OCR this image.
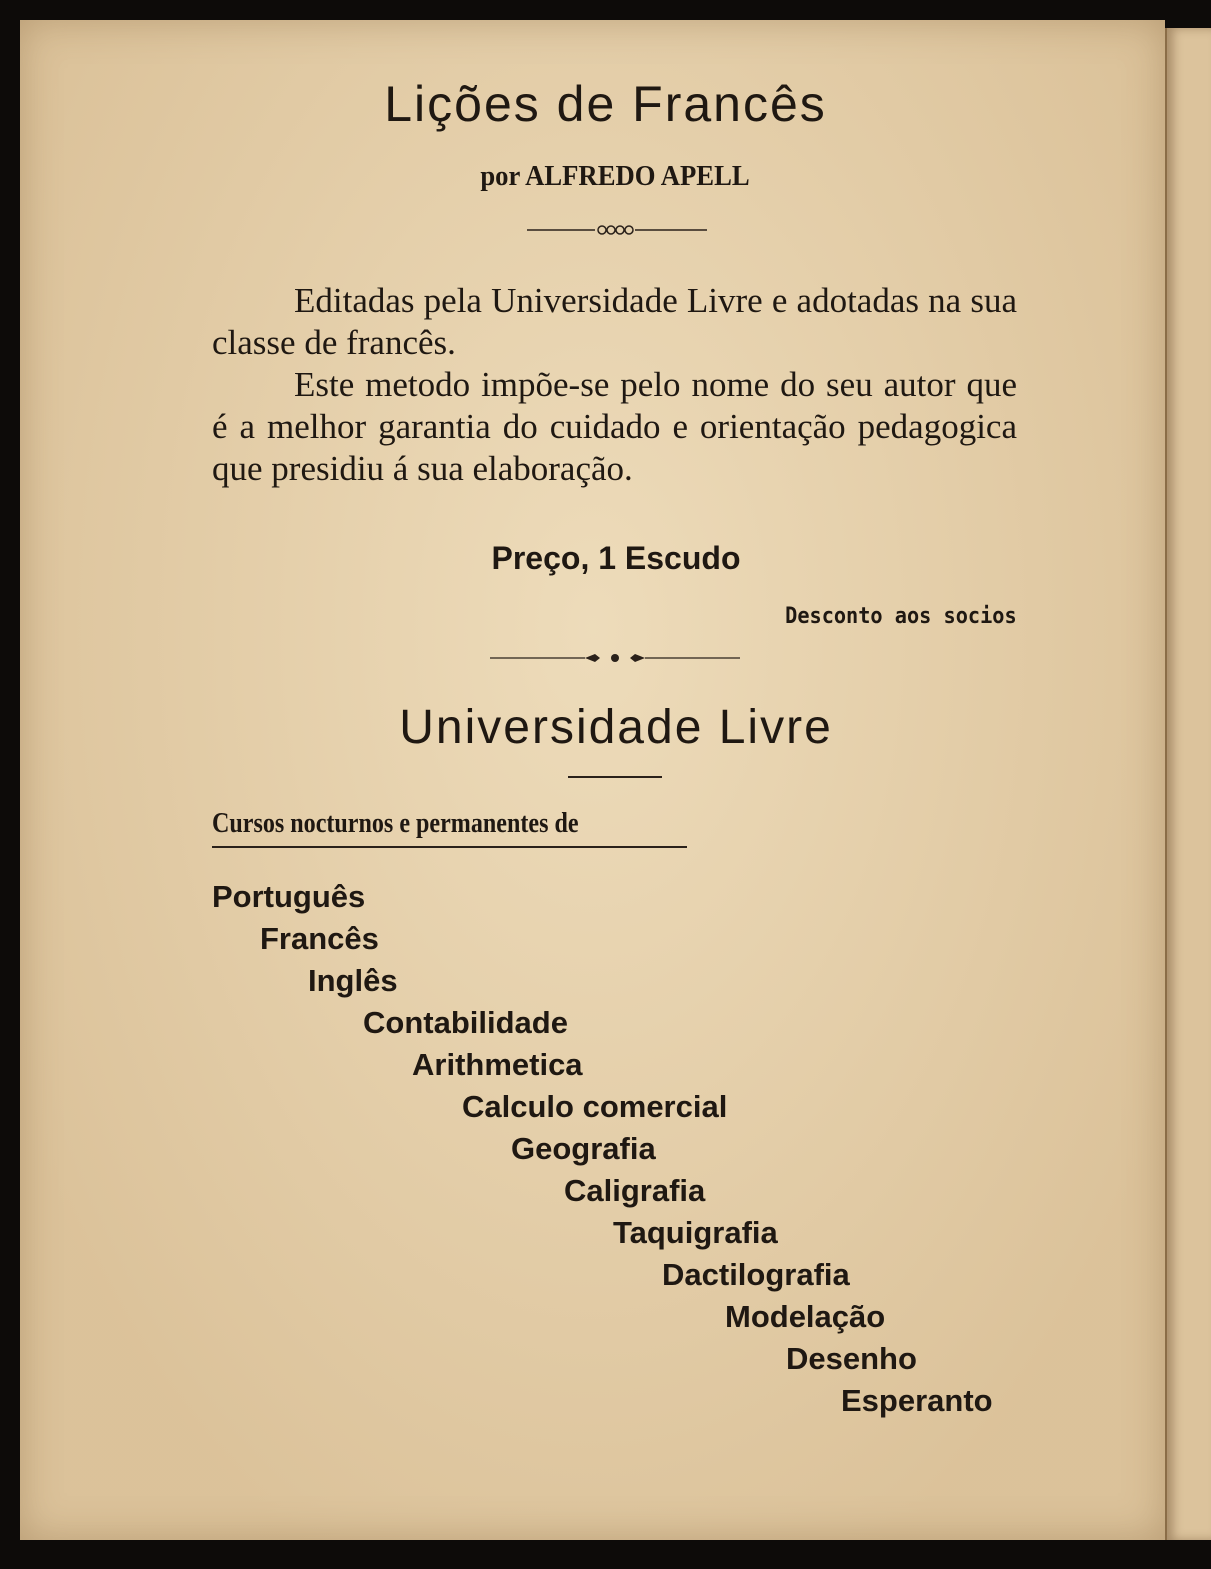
Lições de Francês
por ALFREDO APELL

Editadas pela Universidade Livre e adotadas na sua classe de francês.

Este metodo impõe-se pelo nome do seu autor que é a melhor garantia do cuidado e orientação pedagogica que presidiu á sua elaboração.

Preço, 1 Escudo
Desconto aos socios
Universidade Livre
Cursos nocturnos e permanentes de
Português
Francês
Inglês
Contabilidade
Arithmetica
Calculo comercial
Geografia
Caligrafia
Taquigrafia
Dactilografia
Modelação
Desenho
Esperanto
